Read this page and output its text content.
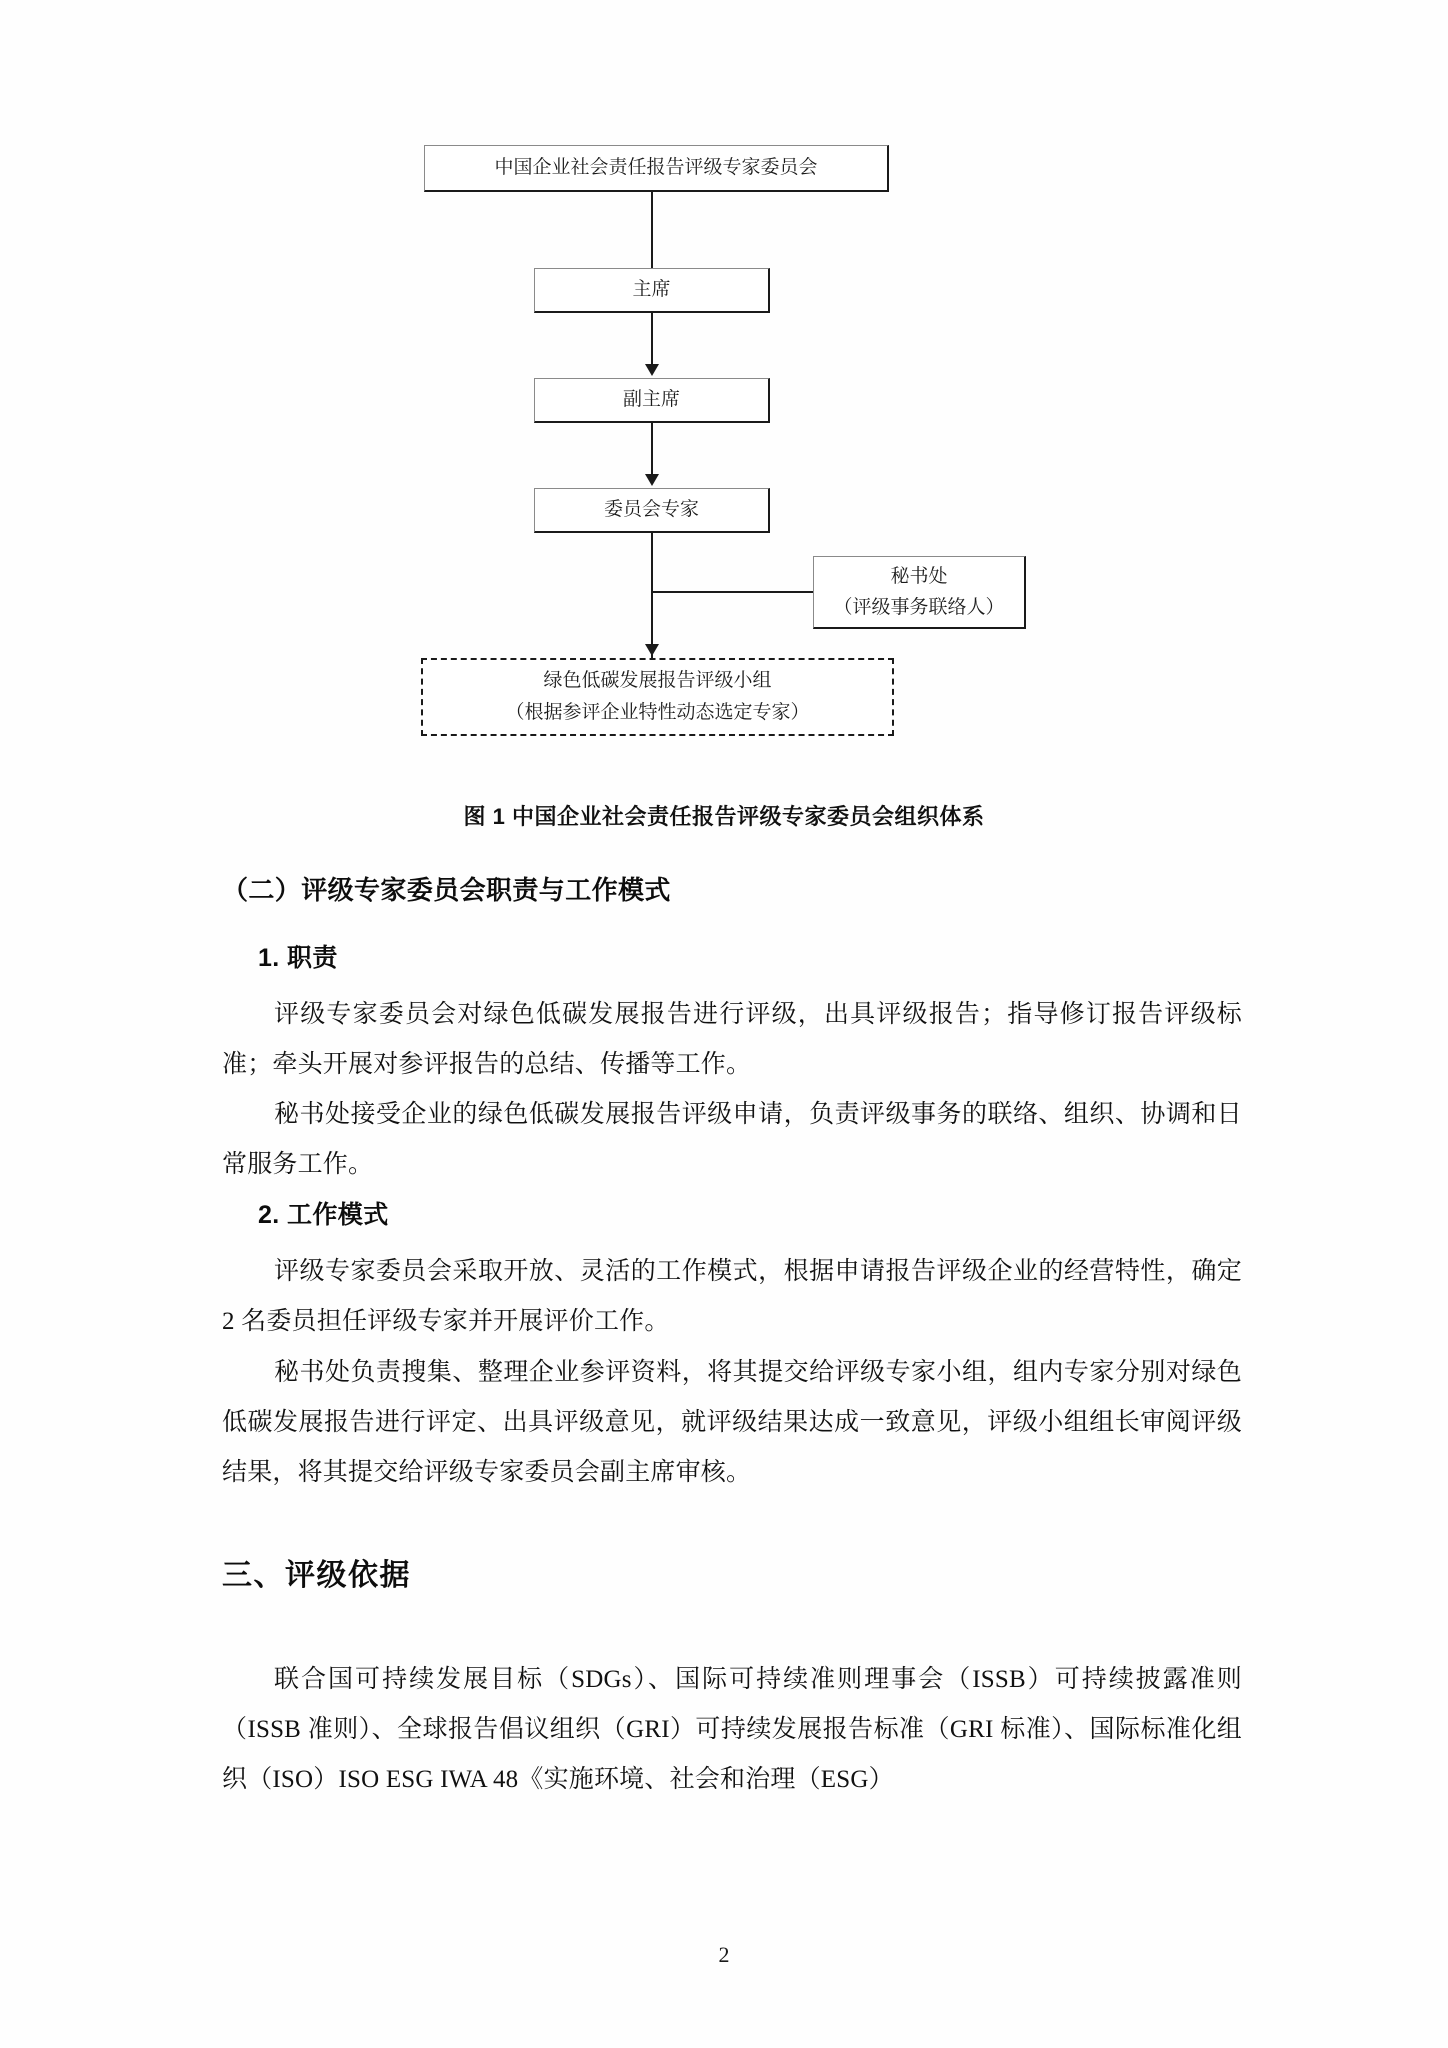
中国企业社会责任报告评级专家委员会
主席
副主席
委员会专家
秘书处
（评级事务联络人）
绿色低碳发展报告评级小组
（根据参评企业特性动态选定专家）
图 1 中国企业社会责任报告评级专家委员会组织体系
（二）评级专家委员会职责与工作模式
1. 职责
评级专家委员会对绿色低碳发展报告进行评级，出具评级报告；指导修订报告评级标准；牵头开展对参评报告的总结、传播等工作。
秘书处接受企业的绿色低碳发展报告评级申请，负责评级事务的联络、组织、协调和日常服务工作。
2. 工作模式
评级专家委员会采取开放、灵活的工作模式，根据申请报告评级企业的经营特性，确定 2 名委员担任评级专家并开展评价工作。
秘书处负责搜集、整理企业参评资料，将其提交给评级专家小组，组内专家分别对绿色低碳发展报告进行评定、出具评级意见，就评级结果达成一致意见，评级小组组长审阅评级结果，将其提交给评级专家委员会副主席审核。
三、评级依据
联合国可持续发展目标（SDGs）、国际可持续准则理事会（ISSB）可持续披露准则（ISSB 准则）、全球报告倡议组织（GRI）可持续发展报告标准（GRI 标准）、国际标准化组织（ISO）ISO ESG IWA 48《实施环境、社会和治理（ESG）
2
